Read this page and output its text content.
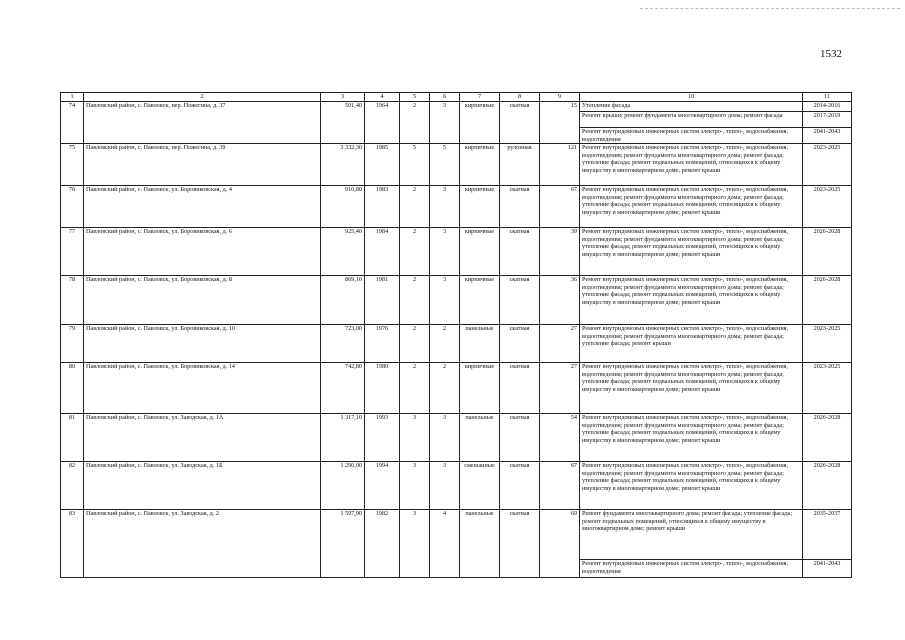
1532
1	2	3	4	5	6	7	8	9	10	11
74	Павловский район, с. Павловск, пер. Пожегина, д. 37	501,40	1964	2	3	кирпичные	скатная	15	Утепление фасада	2014-2016
									Ремонт крыши; ремонт фундамента многоквартирного дома; ремонт фасада	2017-2019
									Ремонт внутридомовых инженерных систем электро-, тепло-, водоснабжения, водоотведения	2041-2043
75	Павловский район, с. Павловск, пер. Пожегина, д. 39	3 332,30	1985	5	5	кирпичные	рулонная	121	Ремонт внутридомовых инженерных систем электро-, тепло-, водоснабжения, водоотведения; ремонт фундамента многоквартирного дома; ремонт фасада; утепление фасада; ремонт подвальных помещений, относящихся к общему имуществу в многоквартирном доме; ремонт крыши	2023-2025
76	Павловский район, с. Павловск, ул. Боровиковская, д. 4	910,80	1983	2	3	кирпичные	скатная	67	Ремонт внутридомовых инженерных систем электро-, тепло-, водоснабжения, водоотведения; ремонт фундамента многоквартирного дома; ремонт фасада; утепление фасада; ремонт подвальных помещений, относящихся к общему имуществу в многоквартирном доме; ремонт крыши	2023-2025
77	Павловский район, с. Павловск, ул. Боровиковская, д. 6	925,40	1984	2	3	кирпичные	скатная	39	Ремонт внутридомовых инженерных систем электро-, тепло-, водоснабжения, водоотведения; ремонт фундамента многоквартирного дома; ремонт фасада; утепление фасада; ремонт подвальных помещений, относящихся к общему имуществу в многоквартирном доме; ремонт крыши	2026-2028
78	Павловский район, с. Павловск, ул. Боровиковская, д. 8	869,10	1981	2	3	кирпичные	скатная	36	Ремонт внутридомовых инженерных систем электро-, тепло-, водоснабжения, водоотведения; ремонт фундамента многоквартирного дома; ремонт фасада; утепление фасада; ремонт подвальных помещений, относящихся к общему имуществу в многоквартирном доме; ремонт крыши	2026-2028
79	Павловский район, с. Павловск, ул. Боровиковская, д. 10	723,00	1976	2	2	панельные	скатная	27	Ремонт внутридомовых инженерных систем электро-, тепло-, водоснабжения, водоотведения; ремонт фундамента многоквартирного дома; ремонт фасада; утепление фасада; ремонт крыши	2023-2025
80	Павловский район, с. Павловск, ул. Боровиковская, д. 14	742,80	1980	2	2	кирпичные	скатная	27	Ремонт внутридомовых инженерных систем электро-, тепло-, водоснабжения, водоотведения; ремонт фундамента многоквартирного дома; ремонт фасада; утепление фасада; ремонт подвальных помещений, относящихся к общему имуществу в многоквартирном доме; ремонт крыши	2023-2025
81	Павловский район, с. Павловск, ул. Заводская, д. 1А	1 317,10	1993	3	3	панельные	скатная	54	Ремонт внутридомовых инженерных систем электро-, тепло-, водоснабжения, водоотведения; ремонт фундамента многоквартирного дома; ремонт фасада; утепление фасада; ремонт подвальных помещений, относящихся к общему имуществу в многоквартирном доме; ремонт крыши	2026-2028
82	Павловский район, с. Павловск, ул. Заводская, д. 1Б	1 290,00	1994	3	3	смешанные	скатная	67	Ремонт внутридомовых инженерных систем электро-, тепло-, водоснабжения, водоотведения; ремонт фундамента многоквартирного дома; ремонт фасада; утепление фасада; ремонт подвальных помещений, относящихся к общему имуществу в многоквартирном доме; ремонт крыши	2026-2028
83	Павловский район, с. Павловск, ул. Заводская, д. 2	1 597,90	1982	3	4	панельные	скатная	69	Ремонт фундамента многоквартирного дома; ремонт фасада; утепление фасада; ремонт подвальных помещений, относящихся к общему имуществу в многоквартирном доме; ремонт крыши	2035-2037
									Ремонт внутридомовых инженерных систем электро-, тепло-, водоснабжения, водоотведения	2041-2043
